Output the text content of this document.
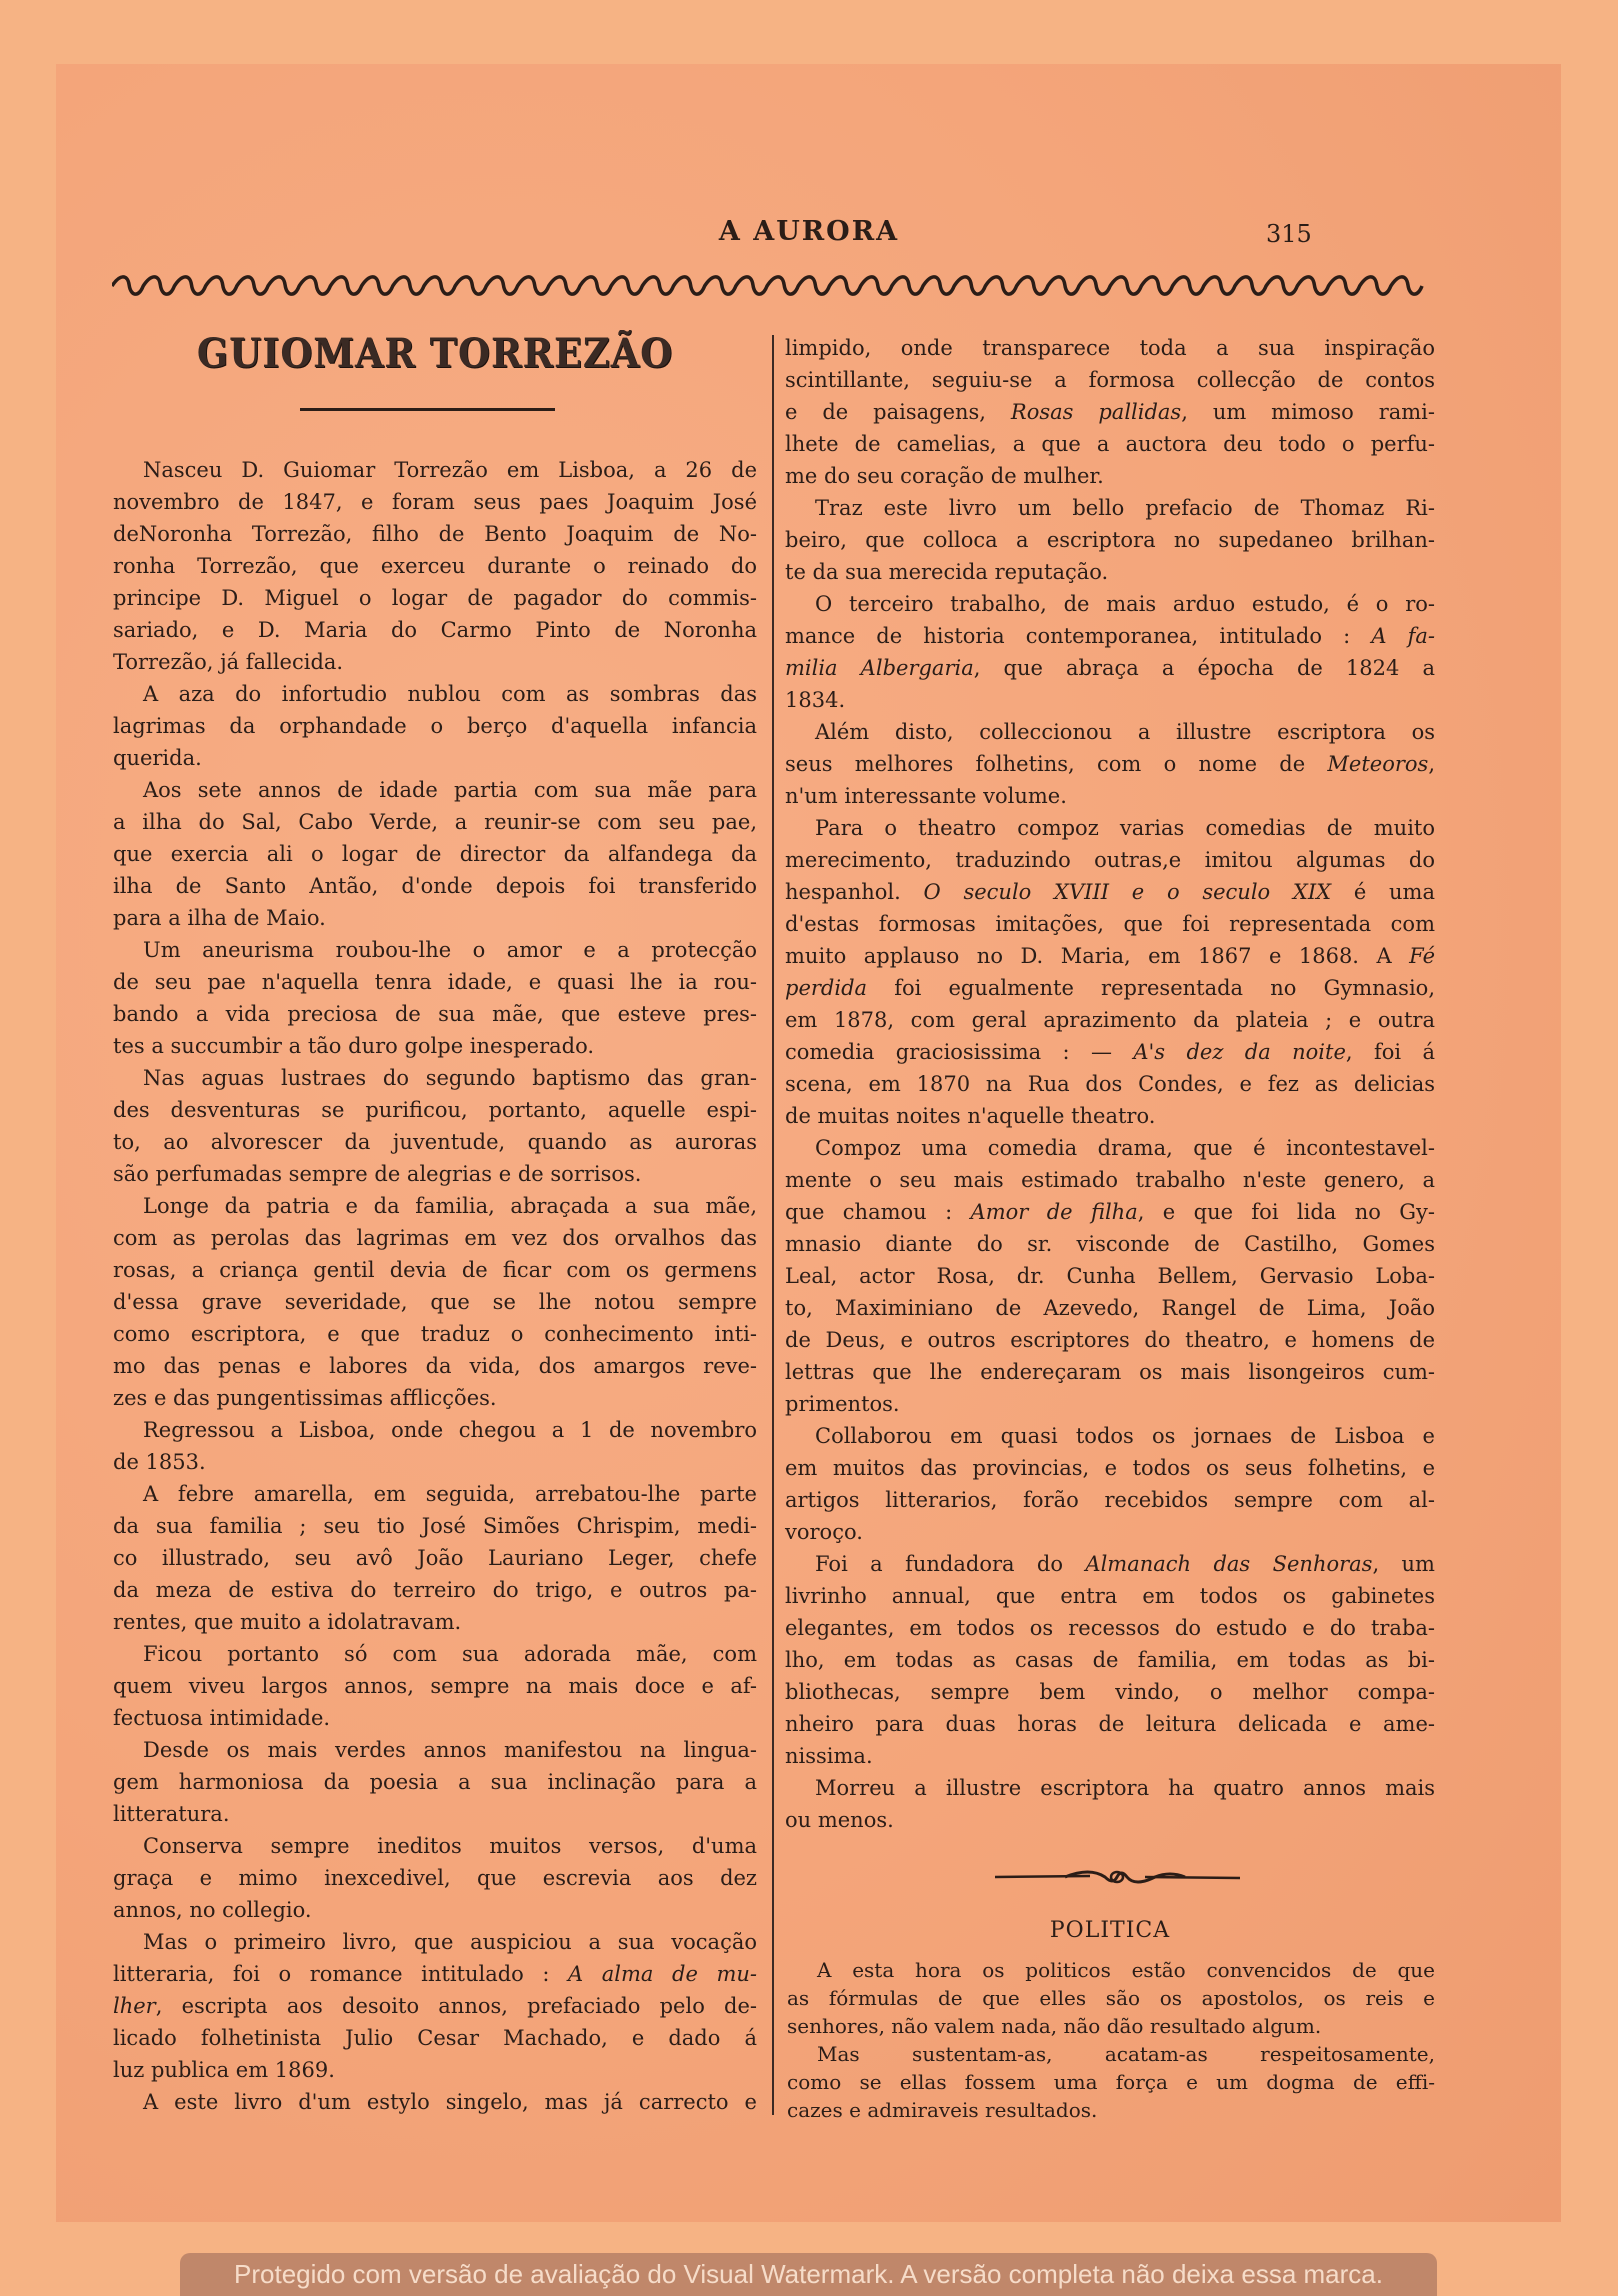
A AURORA	315
GUIOMAR TORREZÃO
Nasceu D. Guiomar Torrezão em Lisboa, a 26 de
novembro de 1847, e foram seus paes Joaquim José
deNoronha Torrezão, filho de Bento Joaquim de No-
ronha Torrezão, que exerceu durante o reinado do
principe D. Miguel o logar de pagador do commis-
sariado, e D. Maria do Carmo Pinto de Noronha
Torrezão, já fallecida.
A aza do infortudio nublou com as sombras das
lagrimas da orphandade o berço d'aquella infancia
querida.
Aos sete annos de idade partia com sua mãe para
a ilha do Sal, Cabo Verde, a reunir-se com seu pae,
que exercia ali o logar de director da alfandega da
ilha de Santo Antão, d'onde depois foi transferido
para a ilha de Maio.
Um aneurisma roubou-lhe o amor e a protecção
de seu pae n'aquella tenra idade, e quasi lhe ia rou-
bando a vida preciosa de sua mãe, que esteve pres-
tes a succumbir a tão duro golpe inesperado.
Nas aguas lustraes do segundo baptismo das gran-
des desventuras se purificou, portanto, aquelle espi-
to, ao alvorescer da juventude, quando as auroras
são perfumadas sempre de alegrias e de sorrisos.
Longe da patria e da familia, abraçada a sua mãe,
com as perolas das lagrimas em vez dos orvalhos das
rosas, a criança gentil devia de ficar com os germens
d'essa grave severidade, que se lhe notou sempre
como escriptora, e que traduz o conhecimento inti-
mo das penas e labores da vida, dos amargos reve-
zes e das pungentissimas afflicções.
Regressou a Lisboa, onde chegou a 1 de novembro
de 1853.
A febre amarella, em seguida, arrebatou-lhe parte
da sua familia ; seu tio José Simões Chrispim, medi-
co illustrado, seu avô João Lauriano Leger, chefe
da meza de estiva do terreiro do trigo, e outros pa-
rentes, que muito a idolatravam.
Ficou portanto só com sua adorada mãe, com
quem viveu largos annos, sempre na mais doce e af-
fectuosa intimidade.
Desde os mais verdes annos manifestou na lingua-
gem harmoniosa da poesia a sua inclinação para a
litteratura.
Conserva sempre ineditos muitos versos, d'uma
graça e mimo inexcedivel, que escrevia aos dez
annos, no collegio.
Mas o primeiro livro, que auspiciou a sua vocação
litteraria, foi o romance intitulado : A alma de mu-
lher, escripta aos desoito annos, prefaciado pelo de-
licado folhetinista Julio Cesar Machado, e dado á
luz publica em 1869.
A este livro d'um estylo singelo, mas já carrecto e
limpido, onde transparece toda a sua inspiração
scintillante, seguiu-se a formosa collecção de contos
e de paisagens, Rosas pallidas, um mimoso rami-
lhete de camelias, a que a auctora deu todo o perfu-
me do seu coração de mulher.
Traz este livro um bello prefacio de Thomaz Ri-
beiro, que colloca a escriptora no supedaneo brilhan-
te da sua merecida reputação.
O terceiro trabalho, de mais arduo estudo, é o ro-
mance de historia contemporanea, intitulado : A fa-
milia Albergaria, que abraça a épocha de 1824 a
1834.
Além disto, colleccionou a illustre escriptora os
seus melhores folhetins, com o nome de Meteoros,
n'um interessante volume.
Para o theatro compoz varias comedias de muito
merecimento, traduzindo outras,e imitou algumas do
hespanhol. O seculo XVIII e o seculo XIX é uma
d'estas formosas imitações, que foi representada com
muito applauso no D. Maria, em 1867 e 1868. A Fé
perdida foi egualmente representada no Gymnasio,
em 1878, com geral aprazimento da plateia ; e outra
comedia graciosissima : — A's dez da noite, foi á
scena, em 1870 na Rua dos Condes, e fez as delicias
de muitas noites n'aquelle theatro.
Compoz uma comedia drama, que é incontestavel-
mente o seu mais estimado trabalho n'este genero, a
que chamou : Amor de filha, e que foi lida no Gy-
mnasio diante do sr. visconde de Castilho, Gomes
Leal, actor Rosa, dr. Cunha Bellem, Gervasio Loba-
to, Maximiniano de Azevedo, Rangel de Lima, João
de Deus, e outros escriptores do theatro, e homens de
lettras que lhe endereçaram os mais lisongeiros cum-
primentos.
Collaborou em quasi todos os jornaes de Lisboa e
em muitos das provincias, e todos os seus folhetins, e
artigos litterarios, forão recebidos sempre com al-
voroço.
Foi a fundadora do Almanach das Senhoras, um
livrinho annual, que entra em todos os gabinetes
elegantes, em todos os recessos do estudo e do traba-
lho, em todas as casas de familia, em todas as bi-
bliothecas, sempre bem vindo, o melhor compa-
nheiro para duas horas de leitura delicada e ame-
nissima.
Morreu a illustre escriptora ha quatro annos mais
ou menos.
POLITICA
A esta hora os politicos estão convencidos de que
as fórmulas de que elles são os apostolos, os reis e
senhores, não valem nada, não dão resultado algum.
Mas sustentam-as, acatam-as respeitosamente,
como se ellas fossem uma força e um dogma de effi-
cazes e admiraveis resultados.
Protegido com versão de avaliação do Visual Watermark. A versão completa não deixa essa marca.
